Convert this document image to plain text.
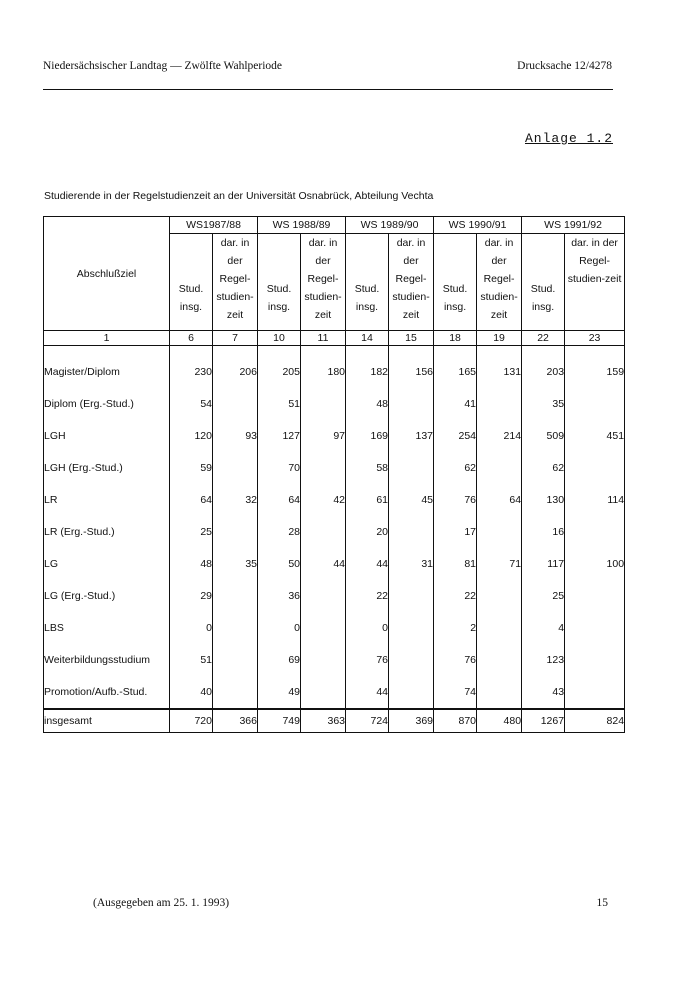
Niedersächsischer Landtag — Zwölfte Wahlperiode	Drucksache 12/4278
Anlage 1.2
Studierende in der Regelstudienzeit an der Universität Osnabrück, Abteilung Vechta
Abschlußziel	WS1987/88		WS 1988/89		WS 1989/90		WS 1990/91		WS 1991/92	
	Stud. insg.	dar. in der Regel-studien-zeit	Stud. insg.	dar. in der Regel-studien-zeit	Stud. insg.	dar. in der Regel-studien-zeit	Stud. insg.	dar. in der Regel-studien-zeit	Stud. insg.	dar. in der Regel-studien-zeit
1	6	7	10	11	14	15	18	19	22	23

Magister/Diplom	230	206	205	180	182	156	165	131	203	159
Diplom (Erg.-Stud.)	54		51		48		41		35	
LGH	120	93	127	97	169	137	254	214	509	451
LGH (Erg.-Stud.)	59		70		58		62		62	
LR	64	32	64	42	61	45	76	64	130	114
LR (Erg.-Stud.)	25		28		20		17		16	
LG	48	35	50	44	44	31	81	71	117	100
LG (Erg.-Stud.)	29		36		22		22		25	
LBS	0		0		0		2		4	
Weiterbildungsstudium	51		69		76		76		123	
Promotion/Aufb.-Stud.	40		49		44		74		43	
insgesamt	720	366	749	363	724	369	870	480	1267	824
(Ausgegeben am 25. 1. 1993)	15
